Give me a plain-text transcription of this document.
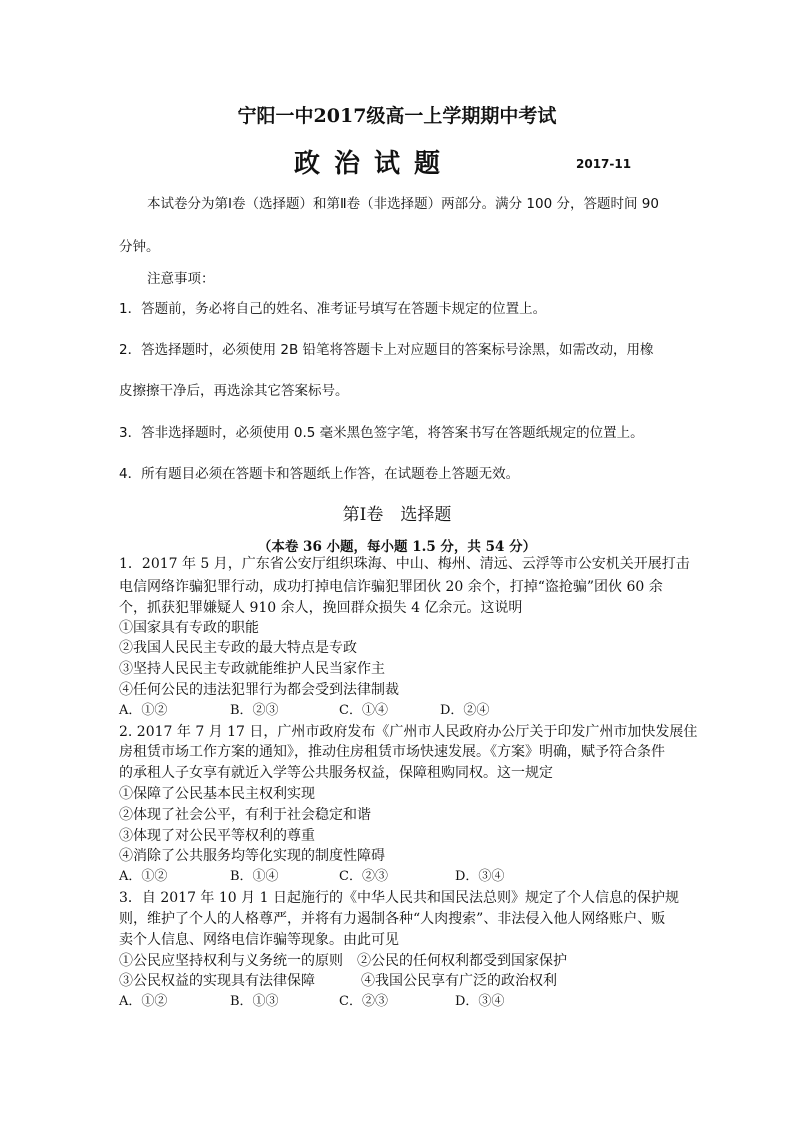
宁阳一中2017级高一上学期期中考试
政治试题	2017-11
本试卷分为第Ⅰ卷（选择题）和第Ⅱ卷（非选择题）两部分。满分 100 分，答题时间 90
分钟。
注意事项：
1．答题前，务必将自己的姓名、准考证号填写在答题卡规定的位置上。
2．答选择题时，必须使用 2B 铅笔将答题卡上对应题目的答案标号涂黑，如需改动，用橡
皮擦擦干净后，再选涂其它答案标号。
3．答非选择题时，必须使用 0.5 毫米黑色签字笔，将答案书写在答题纸规定的位置上。
4．所有题目必须在答题卡和答题纸上作答，在试题卷上答题无效。
第Ⅰ卷　选择题
（本卷 36 小题，每小题 1.5 分，共 54 分）
1．2017 年 5 月，广东省公安厅组织珠海、中山、梅州、清远、云浮等市公安机关开展打击
电信网络诈骗犯罪行动，成功打掉电信诈骗犯罪团伙 20 余个，打掉“盗抢骗”团伙 60 余
个，抓获犯罪嫌疑人 910 余人，挽回群众损失 4 亿余元。这说明
①国家具有专政的职能
②我国人民民主专政的最大特点是专政
③坚持人民民主专政就能维护人民当家作主
④任何公民的违法犯罪行为都会受到法律制裁
A．①②	B．②③	C．①④	D．②④
2. 2017 年 7 月 17 日，广州市政府发布《广州市人民政府办公厅关于印发广州市加快发展住
房租赁市场工作方案的通知》，推动住房租赁市场快速发展。《方案》明确，赋予符合条件
的承租人子女享有就近入学等公共服务权益，保障租购同权。这一规定
①保障了公民基本民主权利实现
②体现了社会公平，有利于社会稳定和谐
③体现了对公民平等权利的尊重
④消除了公共服务均等化实现的制度性障碍
A．①②	B．①④	C．②③	D．③④
3．自 2017 年 10 月 1 日起施行的《中华人民共和国民法总则》规定了个人信息的保护规
则，维护了个人的人格尊严，并将有力遏制各种“人肉搜索”、非法侵入他人网络账户、贩
卖个人信息、网络电信诈骗等现象。由此可见
①公民应坚持权利与义务统一的原则 ②公民的任何权利都受到国家保护
③公民权益的实现具有法律保障	④我国公民享有广泛的政治权利
A．①②	B．①③	C．②③	D．③④
